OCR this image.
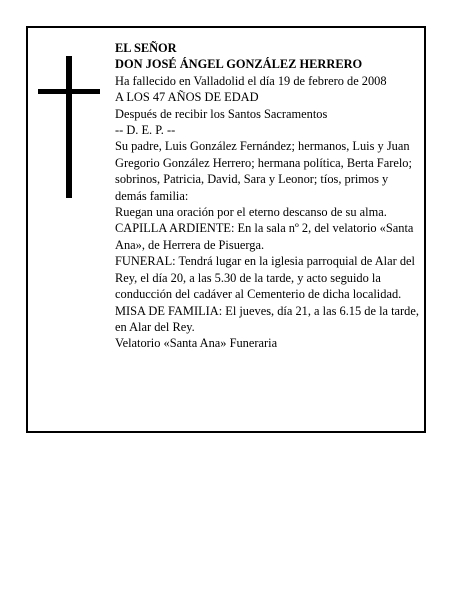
EL SEÑOR

DON JOSÉ ÁNGEL GONZÁLEZ HERRERO

Ha fallecido en Valladolid el día 19 de febrero de 2008

A LOS 47 AÑOS DE EDAD

Después de recibir los Santos Sacramentos

-- D. E. P. --

Su padre, Luis González Fernández; hermanos, Luis y Juan Gregorio González Herrero; hermana política, Berta Farelo; sobrinos, Patricia, David, Sara y Leonor; tíos, primos y demás familia:

Ruegan una oración por el eterno descanso de su alma.

CAPILLA ARDIENTE: En la sala nº 2, del velatorio «Santa Ana», de Herrera de Pisuerga.

FUNERAL: Tendrá lugar en la iglesia parroquial de Alar del Rey, el día 20, a las 5.30 de la tarde, y acto seguido la conducción del cadáver al Cementerio de dicha localidad.

MISA DE FAMILIA: El jueves, día 21, a las 6.15 de la tarde, en Alar del Rey.

Velatorio «Santa Ana» Funeraria
